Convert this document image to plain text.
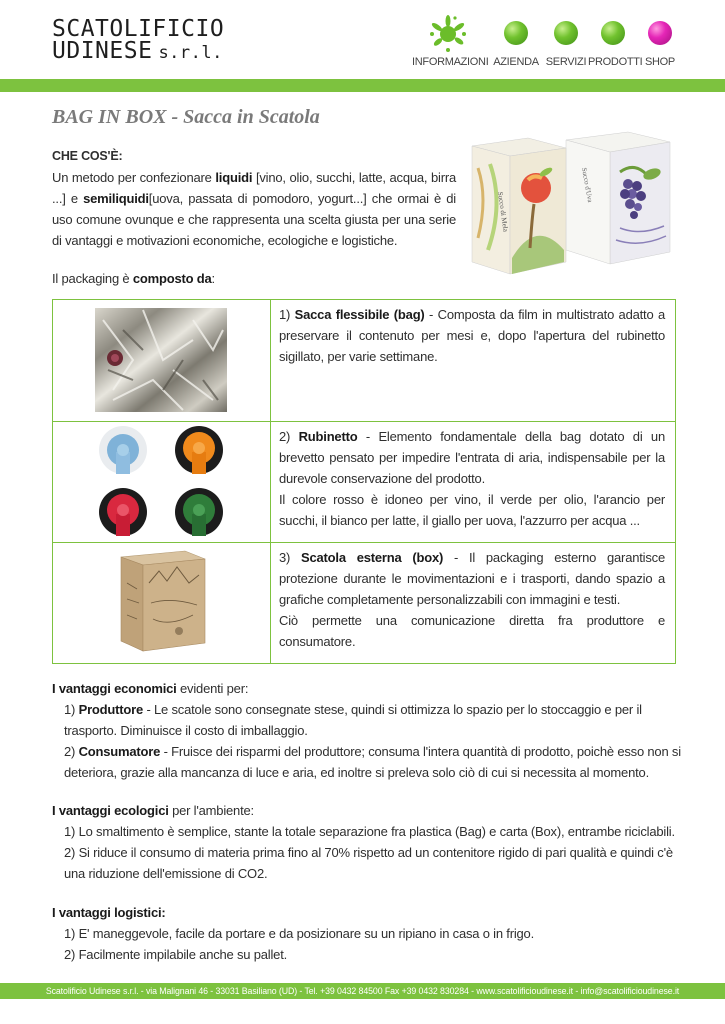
SCATOLIFICIO
UDINESE s.r.l.	INFORMAZIONI AZIENDA SERVIZI PRODOTTI SHOP
BAG IN BOX - Sacca in Scatola
CHE COS'È:

Un metodo per confezionare liquidi [vino, olio, succhi, latte, acqua, birra ...] e semiliquidi[uova, passata di pomodoro, yogurt...] che ormai è di uso comune ovunque e che rappresenta una scelta giusta per una serie di vantaggi e motivazioni economiche, ecologiche e logistiche.

Succo d'Uva
Succo di Mela
Il packaging è composto da:
1) Sacca flessibile (bag) - Composta da film in multistrato adatto a preservare il contenuto per mesi e, dopo l'apertura del rubinetto sigillato, per varie settimane.
2) Rubinetto - Elemento fondamentale della bag dotato di un brevetto pensato per impedire l'entrata di aria, indispensabile per la durevole conservazione del prodotto.
Il colore rosso è idoneo per vino, il verde per olio, l'arancio per succhi, il bianco per latte, il giallo per uova, l'azzurro per acqua ...
3) Scatola esterna (box) - Il packaging esterno garantisce protezione durante le movimentazioni e i trasporti, dando spazio a grafiche completamente personalizzabili con immagini e testi.
Ciò permette una comunicazione diretta fra produttore e consumatore.
I vantaggi economici evidenti per:
1) Produttore - Le scatole sono consegnate stese, quindi si ottimizza lo spazio per lo stoccaggio e per il trasporto. Diminuisce il costo di imballaggio.
2) Consumatore - Fruisce dei risparmi del produttore; consuma l'intera quantità di prodotto, poichè esso non si deteriora, grazie alla mancanza di luce e aria, ed inoltre si preleva solo ciò di cui si necessita al momento.
I vantaggi ecologici per l'ambiente:
1) Lo smaltimento è semplice, stante la totale separazione fra plastica (Bag) e carta (Box), entrambe riciclabili.
2) Si riduce il consumo di materia prima fino al 70% rispetto ad un contenitore rigido di pari qualità e quindi c'è una riduzione dell'emissione di CO2.
I vantaggi logistici:
1) E' maneggevole, facile da portare e da posizionare su un ripiano in casa o in frigo.
2) Facilmente impilabile anche su pallet.
Scatolificio Udinese s.r.l. - via Malignani 46 - 33031 Basiliano (UD) - Tel. +39 0432 84500 Fax +39 0432 830284 - www.scatolificioudinese.it - info@scatolificioudinese.it
